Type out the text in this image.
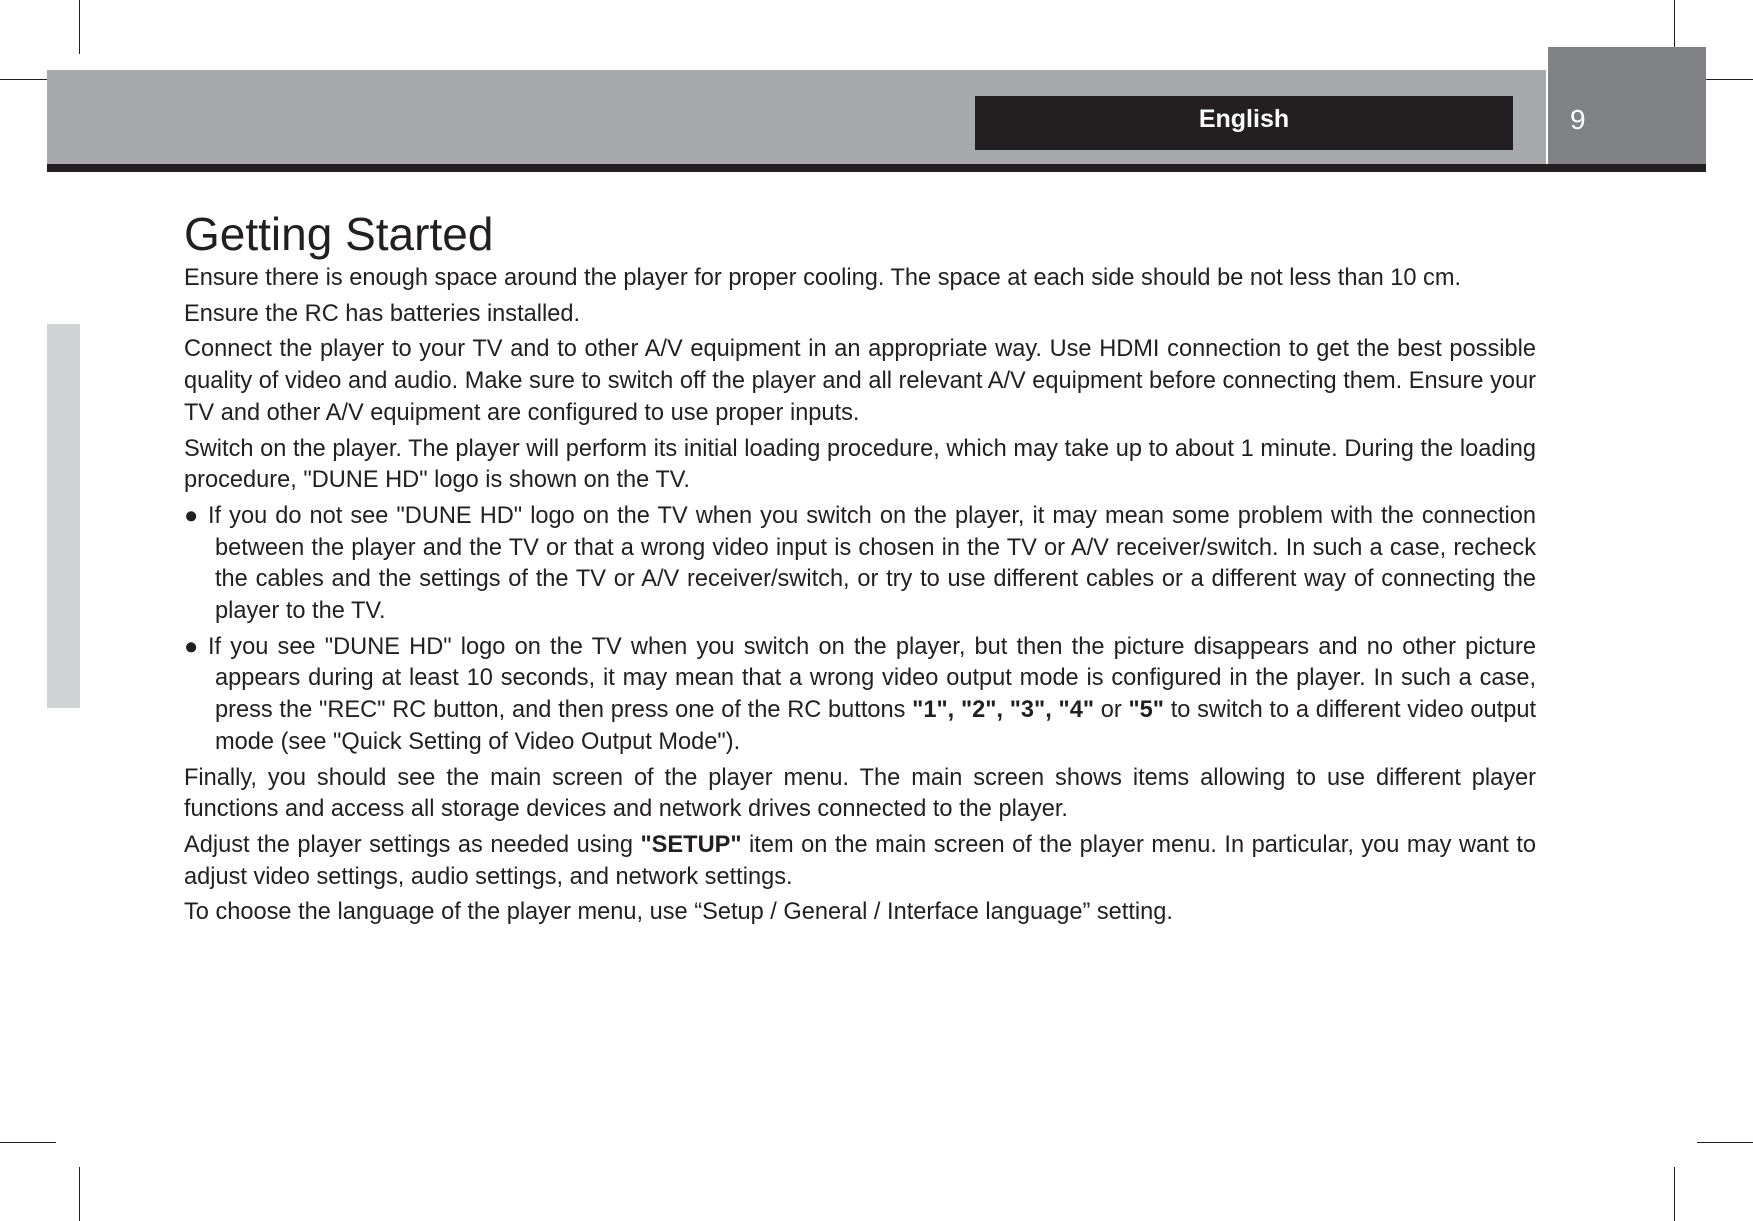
English	9
Getting Started

Ensure there is enough space around the player for proper cooling. The space at each side should be not less than 10 cm.

Ensure the RC has batteries installed.

Connect the player to your TV and to other A/V equipment in an appropriate way. Use HDMI connection to get the best possible quality of video and audio. Make sure to switch off the player and all relevant A/V equipment before connecting them. Ensure your TV and other A/V equipment are configured to use proper inputs.

Switch on the player. The player will perform its initial loading procedure, which may take up to about 1 minute. During the loading procedure, "DUNE HD" logo is shown on the TV.

● If you do not see "DUNE HD" logo on the TV when you switch on the player, it may mean some problem with the connection between the player and the TV or that a wrong video input is chosen in the TV or A/V receiver/switch. In such a case, recheck the cables and the settings of the TV or A/V receiver/switch, or try to use different cables or a different way of connecting the player to the TV.

● If you see "DUNE HD" logo on the TV when you switch on the player, but then the picture disappears and no other picture appears during at least 10 seconds, it may mean that a wrong video output mode is configured in the player. In such a case, press the "REC" RC button, and then press one of the RC buttons "1", "2", "3", "4" or "5" to switch to a different video output mode (see "Quick Setting of Video Output Mode").

Finally, you should see the main screen of the player menu. The main screen shows items allowing to use different player functions and access all storage devices and network drives connected to the player.

Adjust the player settings as needed using "SETUP" item on the main screen of the player menu. In particular, you may want to adjust video settings, audio settings, and network settings.

To choose the language of the player menu, use “Setup / General / Interface language” setting.
